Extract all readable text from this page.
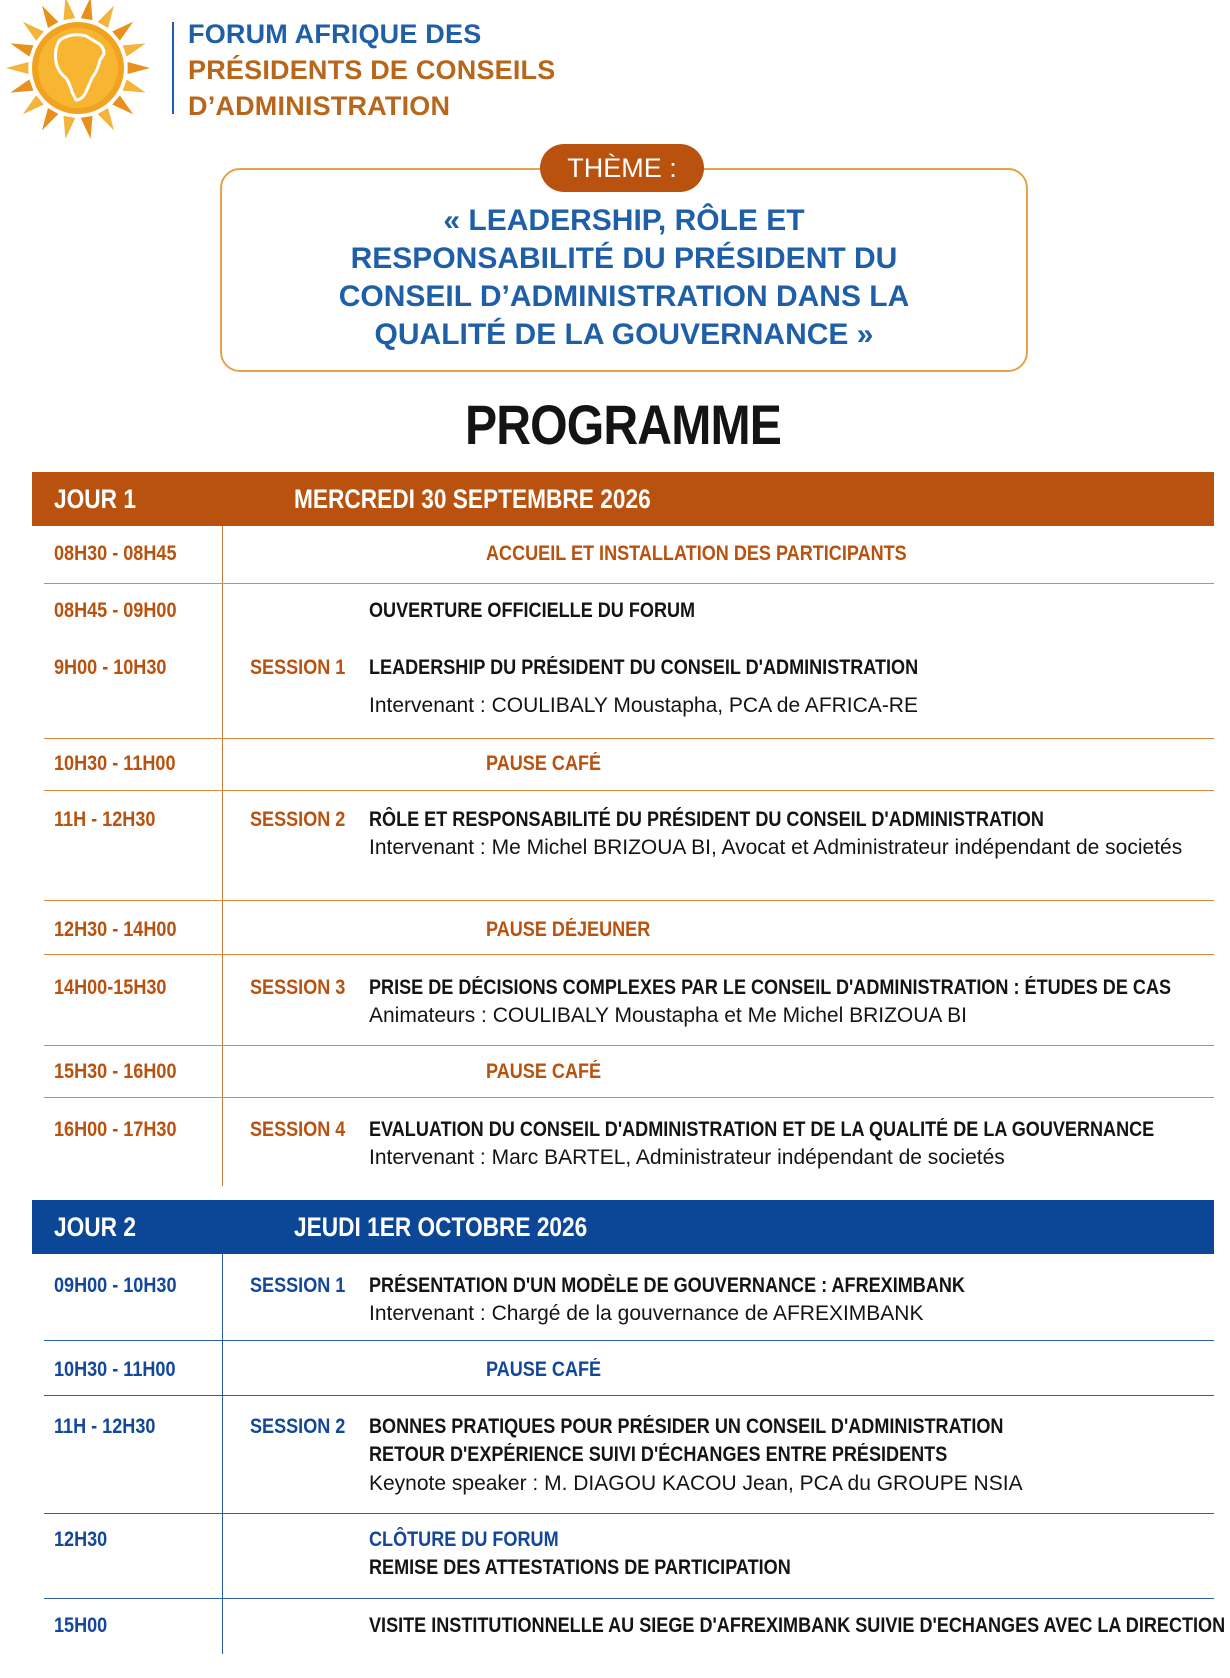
FORUM AFRIQUE DES
PRÉSIDENTS DE CONSEILS
D’ADMINISTRATION
THÈME :
« LEADERSHIP, RÔLE ET
RESPONSABILITÉ DU PRÉSIDENT DU
CONSEIL D’ADMINISTRATION DANS LA
QUALITÉ DE LA GOUVERNANCE »
PROGRAMME
JOUR 1	MERCREDI 30 SEPTEMBRE 2026
08H30 - 08H45	ACCUEIL ET INSTALLATION DES PARTICIPANTS
08H45 - 09H00	OUVERTURE OFFICIELLE DU FORUM
9H00 - 10H30	SESSION 1 LEADERSHIP DU PRÉSIDENT DU CONSEIL D'ADMINISTRATION
Intervenant : COULIBALY Moustapha, PCA de AFRICA-RE
10H30 - 11H00	PAUSE CAFÉ
11H - 12H30	SESSION 2 RÔLE ET RESPONSABILITÉ DU PRÉSIDENT DU CONSEIL D'ADMINISTRATION
Intervenant : Me Michel BRIZOUA BI, Avocat et Administrateur indépendant de societés
12H30 - 14H00	PAUSE DÉJEUNER
14H00-15H30	SESSION 3 PRISE DE DÉCISIONS COMPLEXES PAR LE CONSEIL D'ADMINISTRATION : ÉTUDES DE CAS
Animateurs : COULIBALY Moustapha et Me Michel BRIZOUA BI
15H30 - 16H00	PAUSE CAFÉ
16H00 - 17H30	SESSION 4 EVALUATION DU CONSEIL D'ADMINISTRATION ET DE LA QUALITÉ DE LA GOUVERNANCE
Intervenant : Marc BARTEL, Administrateur indépendant de societés
JOUR 2	JEUDI 1ER OCTOBRE 2026
09H00 - 10H30	SESSION 1 PRÉSENTATION D'UN MODÈLE DE GOUVERNANCE : AFREXIMBANK
Intervenant : Chargé de la gouvernance de AFREXIMBANK
10H30 - 11H00	PAUSE CAFÉ
11H - 12H30	SESSION 2 BONNES PRATIQUES POUR PRÉSIDER UN CONSEIL D'ADMINISTRATION
RETOUR D'EXPÉRIENCE SUIVI D'ÉCHANGES ENTRE PRÉSIDENTS
Keynote speaker : M. DIAGOU KACOU Jean, PCA du GROUPE NSIA
12H30	CLÔTURE DU FORUM
REMISE DES ATTESTATIONS DE PARTICIPATION
15H00	VISITE INSTITUTIONNELLE AU SIEGE D'AFREXIMBANK SUIVIE D'ECHANGES AVEC LA DIRECTION
